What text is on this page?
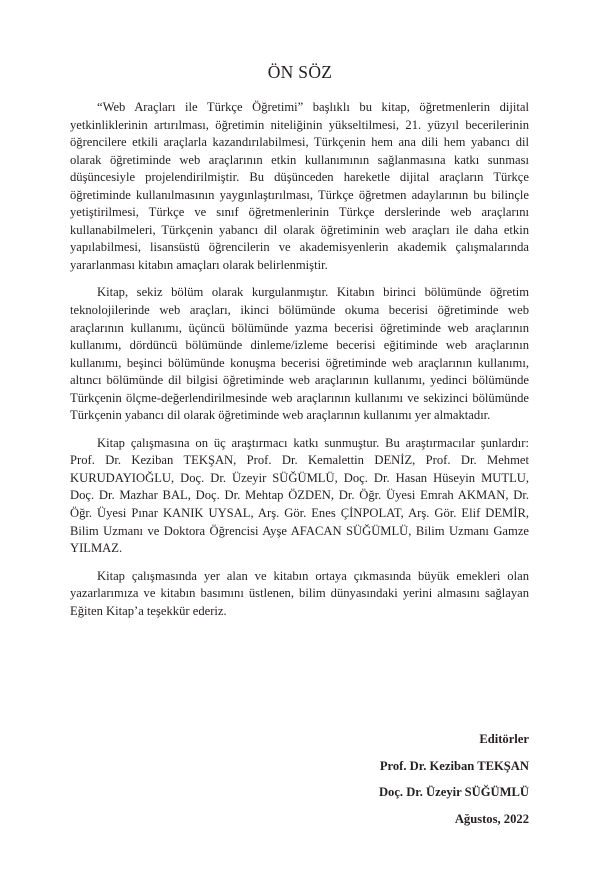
ÖN SÖZ

“Web Araçları ile Türkçe Öğretimi” başlıklı bu kitap, öğretmenlerin dijital yetkinliklerinin artırılması, öğretimin niteliğinin yükseltilmesi, 21. yüzyıl becerilerinin öğrencilere etkili araçlarla kazandırılabilmesi, Türkçenin hem ana dili hem yabancı dil olarak öğretiminde web araçlarının etkin kullanımının sağlanmasına katkı sunması düşüncesiyle projelendirilmiştir. Bu düşünceden hareketle dijital araçların Türkçe öğretiminde kullanılmasının yaygınlaştırılması, Türkçe öğretmen adaylarının bu bilinçle yetiştirilmesi, Türkçe ve sınıf öğretmenlerinin Türkçe derslerinde web araçlarını kullanabilmeleri, Türkçenin yabancı dil olarak öğretiminin web araçları ile daha etkin yapılabilmesi, lisansüstü öğrencilerin ve akademisyenlerin akademik çalışmalarında yararlanması kitabın amaçları olarak belirlenmiştir.

Kitap, sekiz bölüm olarak kurgulanmıştır. Kitabın birinci bölümünde öğretim teknolojilerinde web araçları, ikinci bölümünde okuma becerisi öğretiminde web araçlarının kullanımı, üçüncü bölümünde yazma becerisi öğretiminde web araçlarının kullanımı, dördüncü bölümünde dinleme/izleme becerisi eğitiminde web araçlarının kullanımı, beşinci bölümünde konuşma becerisi öğretiminde web araçlarının kullanımı, altıncı bölümünde dil bilgisi öğretiminde web araçlarının kullanımı, yedinci bölümünde Türkçenin ölçme-değerlendirilmesinde web araçlarının kullanımı ve sekizinci bölümünde Türkçenin yabancı dil olarak öğretiminde web araçlarının kullanımı yer almaktadır.

Kitap çalışmasına on üç araştırmacı katkı sunmuştur. Bu araştırmacılar şunlardır: Prof. Dr. Keziban TEKŞAN, Prof. Dr. Kemalettin DENİZ, Prof. Dr. Mehmet KURUDAYIOĞLU, Doç. Dr. Üzeyir SÜĞÜMLÜ, Doç. Dr. Hasan Hüseyin MUTLU, Doç. Dr. Mazhar BAL, Doç. Dr. Mehtap ÖZDEN, Dr. Öğr. Üyesi Emrah AKMAN, Dr. Öğr. Üyesi Pınar KANIK UYSAL, Arş. Gör. Enes ÇİNPOLAT, Arş. Gör. Elif DEMİR, Bilim Uzmanı ve Doktora Öğrencisi Ayşe AFACAN SÜĞÜMLÜ, Bilim Uzmanı Gamze YILMAZ.

Kitap çalışmasında yer alan ve kitabın ortaya çıkmasında büyük emekleri olan yazarlarımıza ve kitabın basımını üstlenen, bilim dünyasındaki yerini almasını sağlayan Eğiten Kitap’a teşekkür ederiz.

Editörler
Prof. Dr. Keziban TEKŞAN
Doç. Dr. Üzeyir SÜĞÜMLÜ
Ağustos, 2022
